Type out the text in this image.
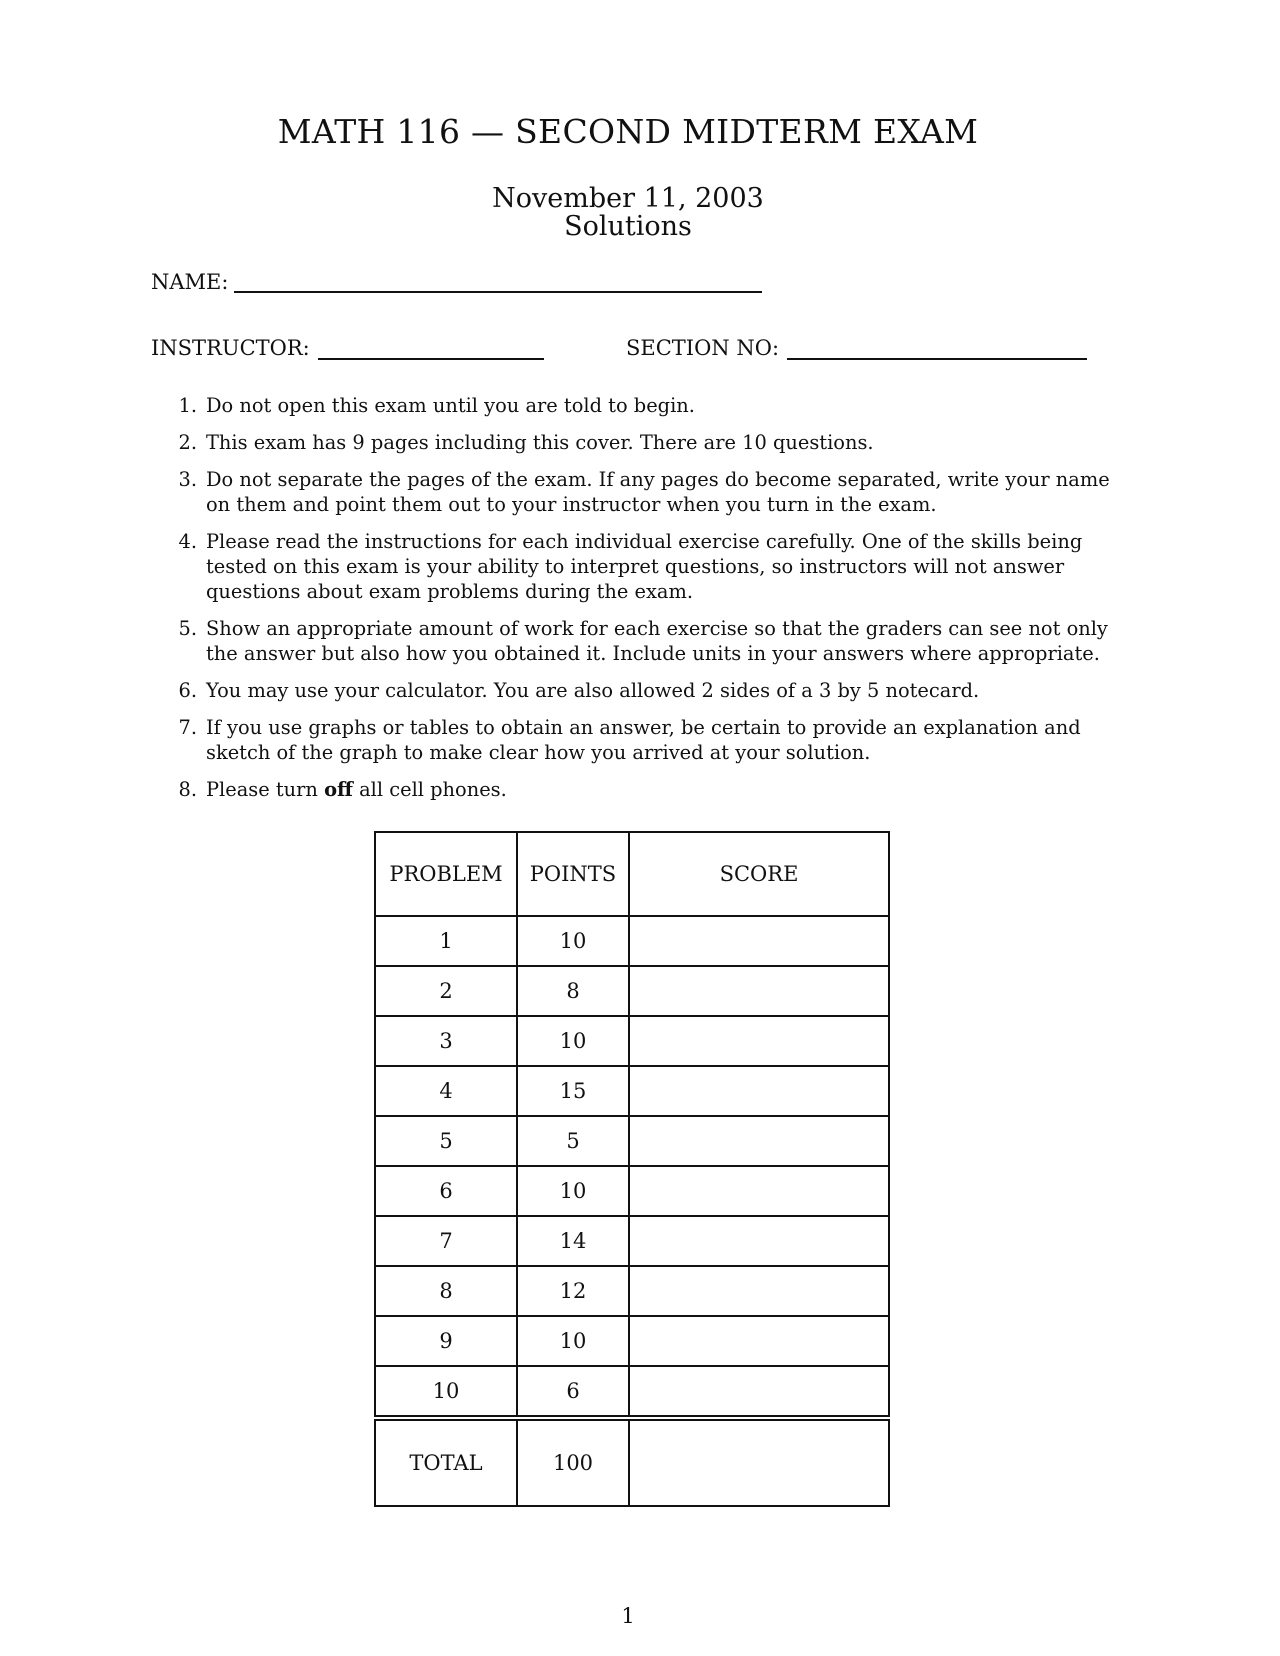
MATH 116 — SECOND MIDTERM EXAM
November 11, 2003
Solutions
NAME:
INSTRUCTOR:	SECTION NO:
1. Do not open this exam until you are told to begin.
2. This exam has 9 pages including this cover. There are 10 questions.
3. Do not separate the pages of the exam. If any pages do become separated, write your name on them and point them out to your instructor when you turn in the exam.
4. Please read the instructions for each individual exercise carefully. One of the skills being tested on this exam is your ability to interpret questions, so instructors will not answer questions about exam problems during the exam.
5. Show an appropriate amount of work for each exercise so that the graders can see not only the answer but also how you obtained it. Include units in your answers where appropriate.
6. You may use your calculator. You are also allowed 2 sides of a 3 by 5 notecard.
7. If you use graphs or tables to obtain an answer, be certain to provide an explanation and sketch of the graph to make clear how you arrived at your solution.
8. Please turn off all cell phones.
PROBLEM	POINTS	SCORE
1	10	
2	8	
3	10	
4	15	
5	5	
6	10	
7	14	
8	12	
9	10	
10	6	
TOTAL	100	
1
